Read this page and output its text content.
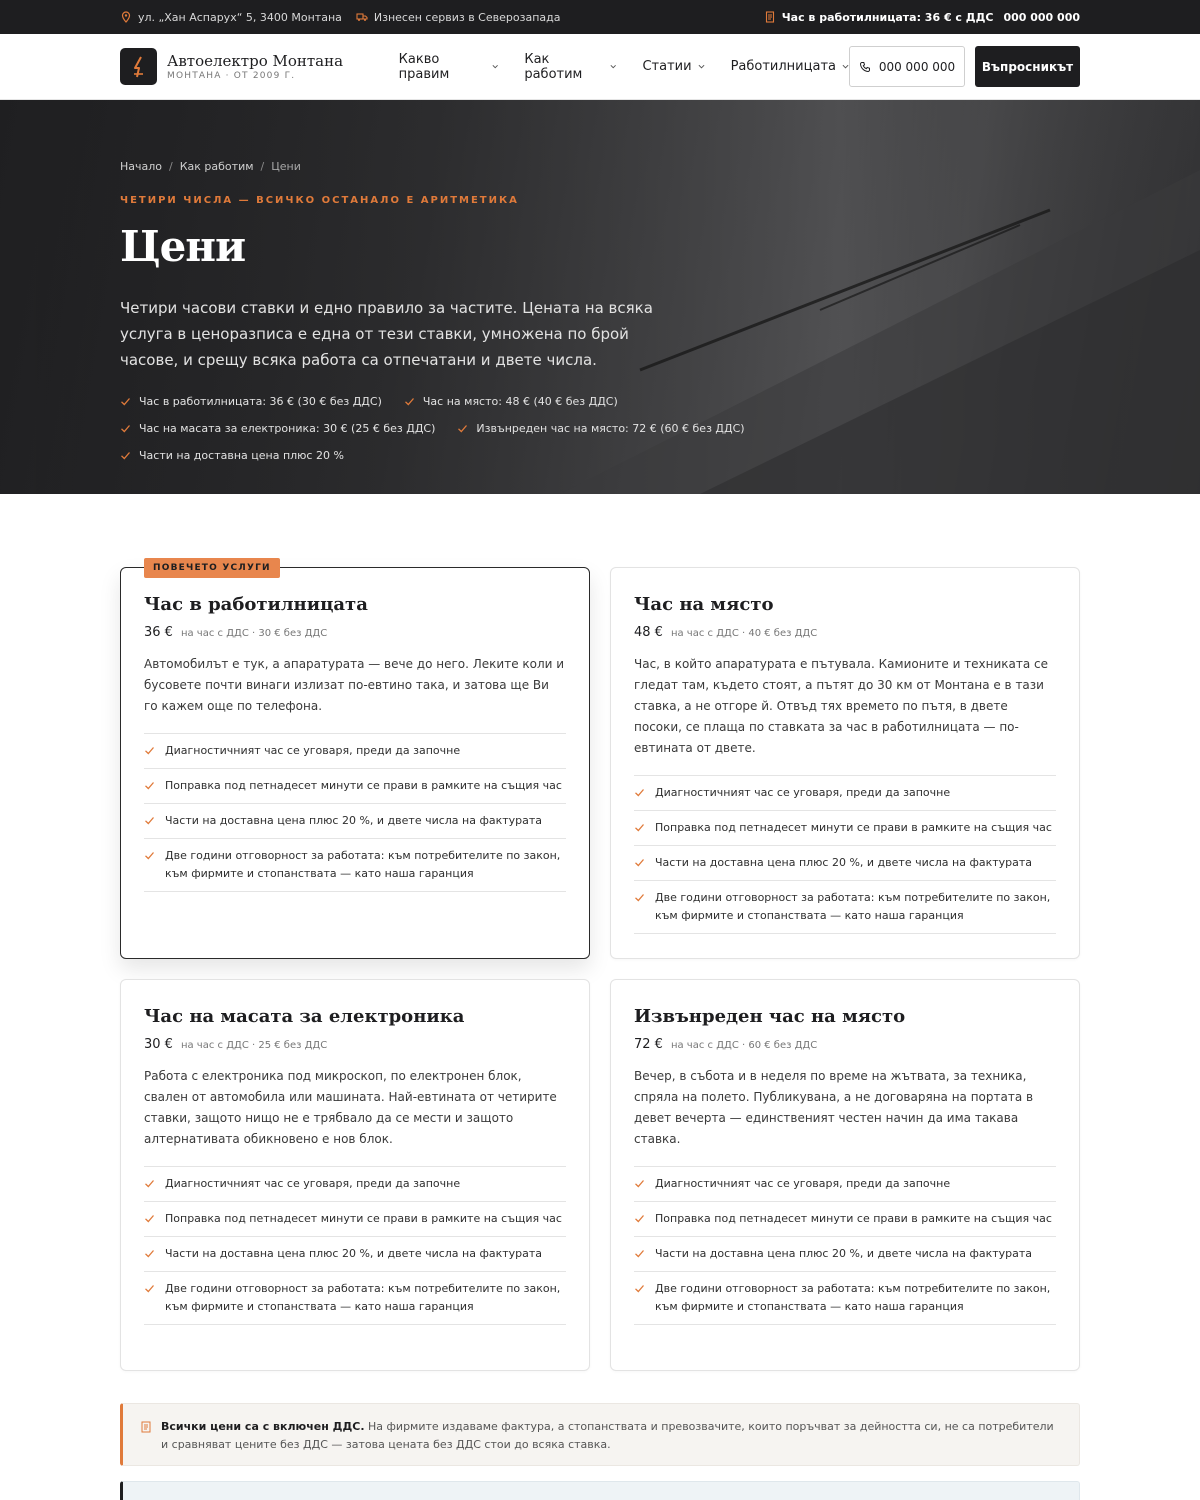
ул. „Хан Аспарух“ 5, 3400 Монтана	Изнесен сервиз в Северозапада	Час в работилницата: 36 € с ДДС 000 000 000
Автоелектро Монтана
МОНТАНА · ОТ 2009 Г.
Какво правим
Как работим	Статии	Работилницата	000 000 000	Въпросникът
Начало / Как работим / Цени
ЧЕТИРИ ЧИСЛА — ВСИЧКО ОСТАНАЛО Е АРИТМЕТИКА
Цени
Четири часови ставки и едно правило за частите. Цената на всяка услуга в ценоразписа е една от тези ставки, умножена по брой часове, и срещу всяка работа са отпечатани и двете числа.
Час в работилницата: 36 € (30 € без ДДС)	Час на място: 48 € (40 € без ДДС)
Час на масата за електроника: 30 € (25 € без ДДС)	Извънреден час на място: 72 € (60 € без ДДС)
Части на доставна цена плюс 20 %
ПОВЕЧЕТО УСЛУГИ
Час в работилницата
36 € на час с ДДС · 30 € без ДДС
Автомобилът е тук, а апаратурата — вече до него. Леките коли и бусовете почти винаги излизат по-евтино така, и затова ще Ви го кажем още по телефона.
Диагностичният час се уговаря, преди да започне
Поправка под петнадесет минути се прави в рамките на същия час
Части на доставна цена плюс 20 %, и двете числа на фактурата
Две години отговорност за работата: към потребителите по закон, към фирмите и стопанствата — като наша гаранция
Час на място
48 € на час с ДДС · 40 € без ДДС
Час, в който апаратурата е пътувала. Камионите и техниката се гледат там, където стоят, а пътят до 30 км от Монтана е в тази ставка, а не отгоре й. Отвъд тях времето по пътя, в двете посоки, се плаща по ставката за час в работилницата — по-евтината от двете.
Диагностичният час се уговаря, преди да започне
Поправка под петнадесет минути се прави в рамките на същия час
Части на доставна цена плюс 20 %, и двете числа на фактурата
Две години отговорност за работата: към потребителите по закон, към фирмите и стопанствата — като наша гаранция
Час на масата за електроника
30 € на час с ДДС · 25 € без ДДС
Работа с електроника под микроскоп, по електронен блок, свален от автомобила или машината. Най-евтината от четирите ставки, защото нищо не е трябвало да се мести и защото алтернативата обикновено е нов блок.
Диагностичният час се уговаря, преди да започне
Поправка под петнадесет минути се прави в рамките на същия час
Части на доставна цена плюс 20 %, и двете числа на фактурата
Две години отговорност за работата: към потребителите по закон, към фирмите и стопанствата — като наша гаранция
Извънреден час на място
72 € на час с ДДС · 60 € без ДДС
Вечер, в събота и в неделя по време на жътвата, за техника, спряла на полето. Публикувана, а не договаряна на портата в девет вечерта — единственият честен начин да има такава ставка.
Диагностичният час се уговаря, преди да започне
Поправка под петнадесет минути се прави в рамките на същия час
Части на доставна цена плюс 20 %, и двете числа на фактурата
Две години отговорност за работата: към потребителите по закон, към фирмите и стопанствата — като наша гаранция
Всички цени са с включен ДДС. На фирмите издаваме фактура, а стопанствата и превозвачите, които поръчват за дейността си, не са потребители и сравняват цените без ДДС — затова цената без ДДС стои до всяка ставка.
